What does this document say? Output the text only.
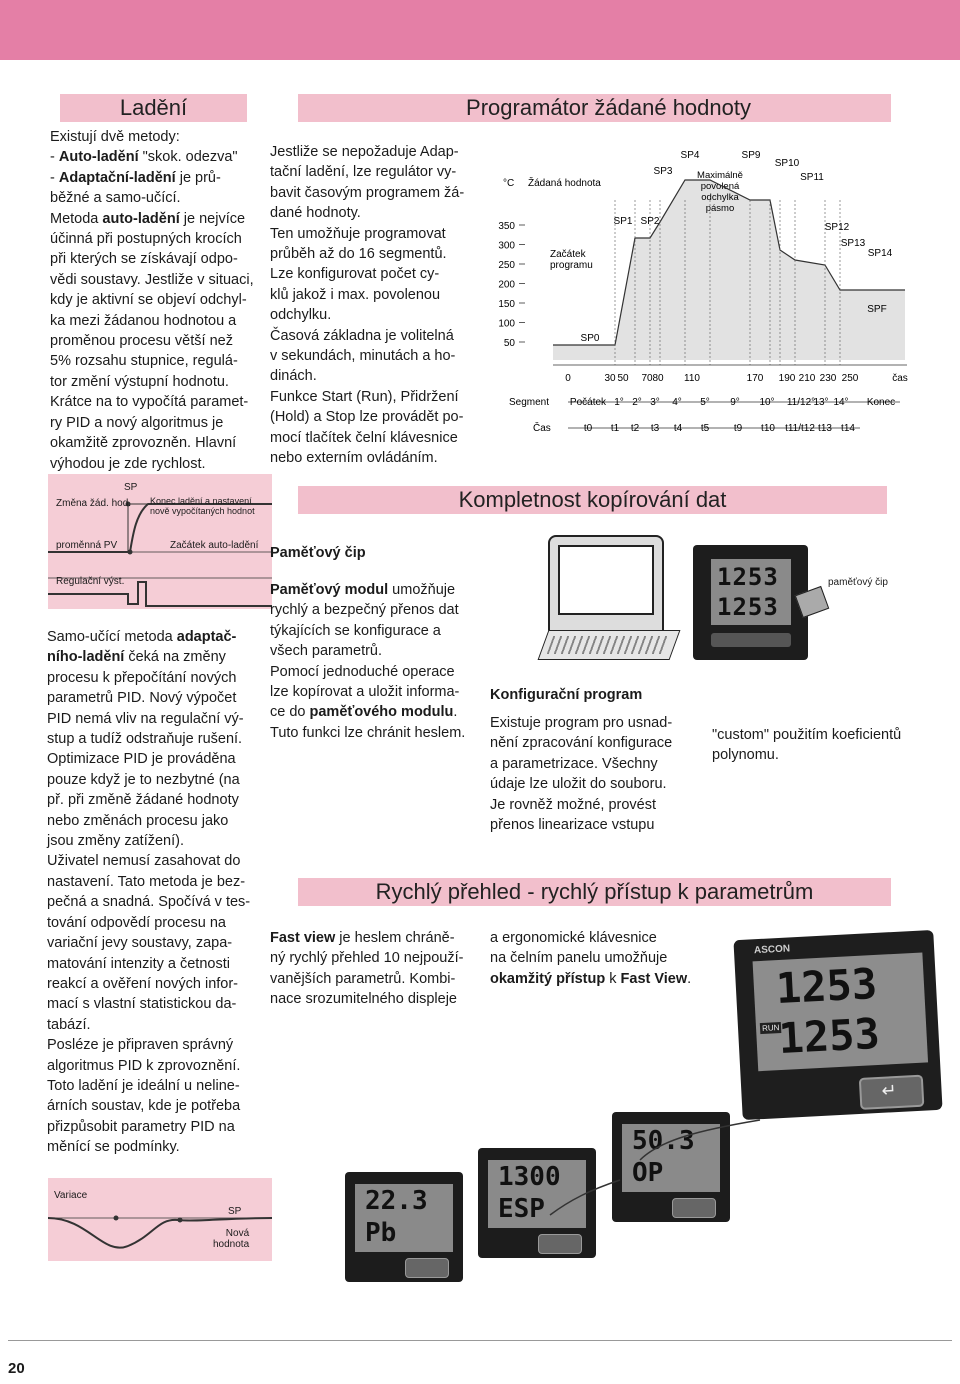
Ladění	Programátor žádané hodnoty
Kompletnost kopírování dat
Rychlý přehled - rychlý přístup k parametrům

Existují dvě metody:

- Auto-ladění "skok. odezva"

- Adaptační-ladění je prů-

běžné a samo-učící.

Metoda auto-ladění je nejvíce

účinná při postupných krocích
při kterých se získávají odpo-
vědi soustavy. Jestliže v situaci,
kdy je aktivní se objeví odchyl-
ka mezi žádanou hodnotou a
proměnou procesu větší než
5% rozsahu stupnice, regulá-
tor změní výstupní hodnotu.
Krátce na to vypočítá paramet-
ry PID a nový algoritmus je
okamžitě zprovozněn. Hlavní
výhodou je zde rychlost.

SP
Změna žád. hod. Konec ladění a nastavení
nově vypočítaných hodnot
proměnná PV	Začátek auto-ladění
Regulační výst.

Samo-učící metoda adaptač-

ního-ladění čeká na změny

procesu k přepočítání nových
parametrů PID. Nový výpočet
PID nemá vliv na regulační vý-
stup a tudíž odstraňuje rušení.
Optimizace PID je prováděna
pouze když je to nezbytné (na
př. při změně žádané hodnoty
nebo změnách procesu jako
jsou změny zatížení).
Uživatel nemusí zasahovat do
nastavení. Tato metoda je bez-
pečná a snadná. Spočívá v tes-
tování odpovědí procesu na
variační jevy soustavy, zapa-
matování intenzity a četnosti
reakcí a ověření nových infor-
mací s vlastní statistickou da-
tabází.
Posléze je připraven správný
algoritmus PID k zprovoznění.
Toto ladění je ideální u neline-
árních soustav, kde je potřeba
přizpůsobit parametry PID na
měnící se podmínky.

Variace
SP
Nová
hodnota
Jestliže se nepožaduje Adap-
tační ladění, lze regulátor vy-
bavit časovým programem žá-
dané hodnoty.
Ten umožňuje programovat
průběh až do 16 segmentů.
Lze konfigurovat počet cy-
klů jakož i max. povolenou
odchylku.
Časová základna je volitelná
v sekundách, minutách a ho-
dinách.
Funkce Start (Run), Přidržení
(Hold) a Stop lze provádět po-
mocí tlačítek čelní klávesnice
nebo externím ovládáním.
Paměťový čip

Paměťový modul umožňuje

rychlý a bezpečný přenos dat
týkajících se konfigurace a
všech parametrů.
Pomocí jednoduché operace
lze kopírovat a uložit informa-

ce do paměťového modulu.

Tuto funkci lze chránit heslem.

Fast view je heslem chráně-

ný rychlý přehled 10 nejpouží-
vanějších parametrů. Kombi-
nace srozumitelného displeje

350
300
250
200
150
100
50
°C Žádaná hodnota
Začátek
programu
Maximálně
povolená
odchylka
pásmo
0	30 50 70 80 110	170 190 210 230 250	čas
SP0
SP1 SP2
SP3
SP4	SP9
SP10
SP11
SP12
SP13
SP14
SPF
Segment Počátek 1° 2° 3° 4° 5° 9° 10° 11/12°
13° 14° Konec
Čas	t0 t1 t2 t3 t4 t5 t9 t10 t11/t12 t13 t14
1253
1253
paměťový čip
Konfigurační program
Existuje program pro usnad-
nění zpracování konfigurace
a parametrizace. Všechny
údaje lze uložit do souboru.
Je rovněž možné, provést
přenos linearizace vstupu
"custom" použitím koeficientů
polynomu.

a ergonomické klávesnice

na čelním panelu umožňuje

okamžitý přístup k Fast View.

ASCON
1253
RUN
1253
↵
22.3
Pb
1300
ESP
50.3
OP
20
